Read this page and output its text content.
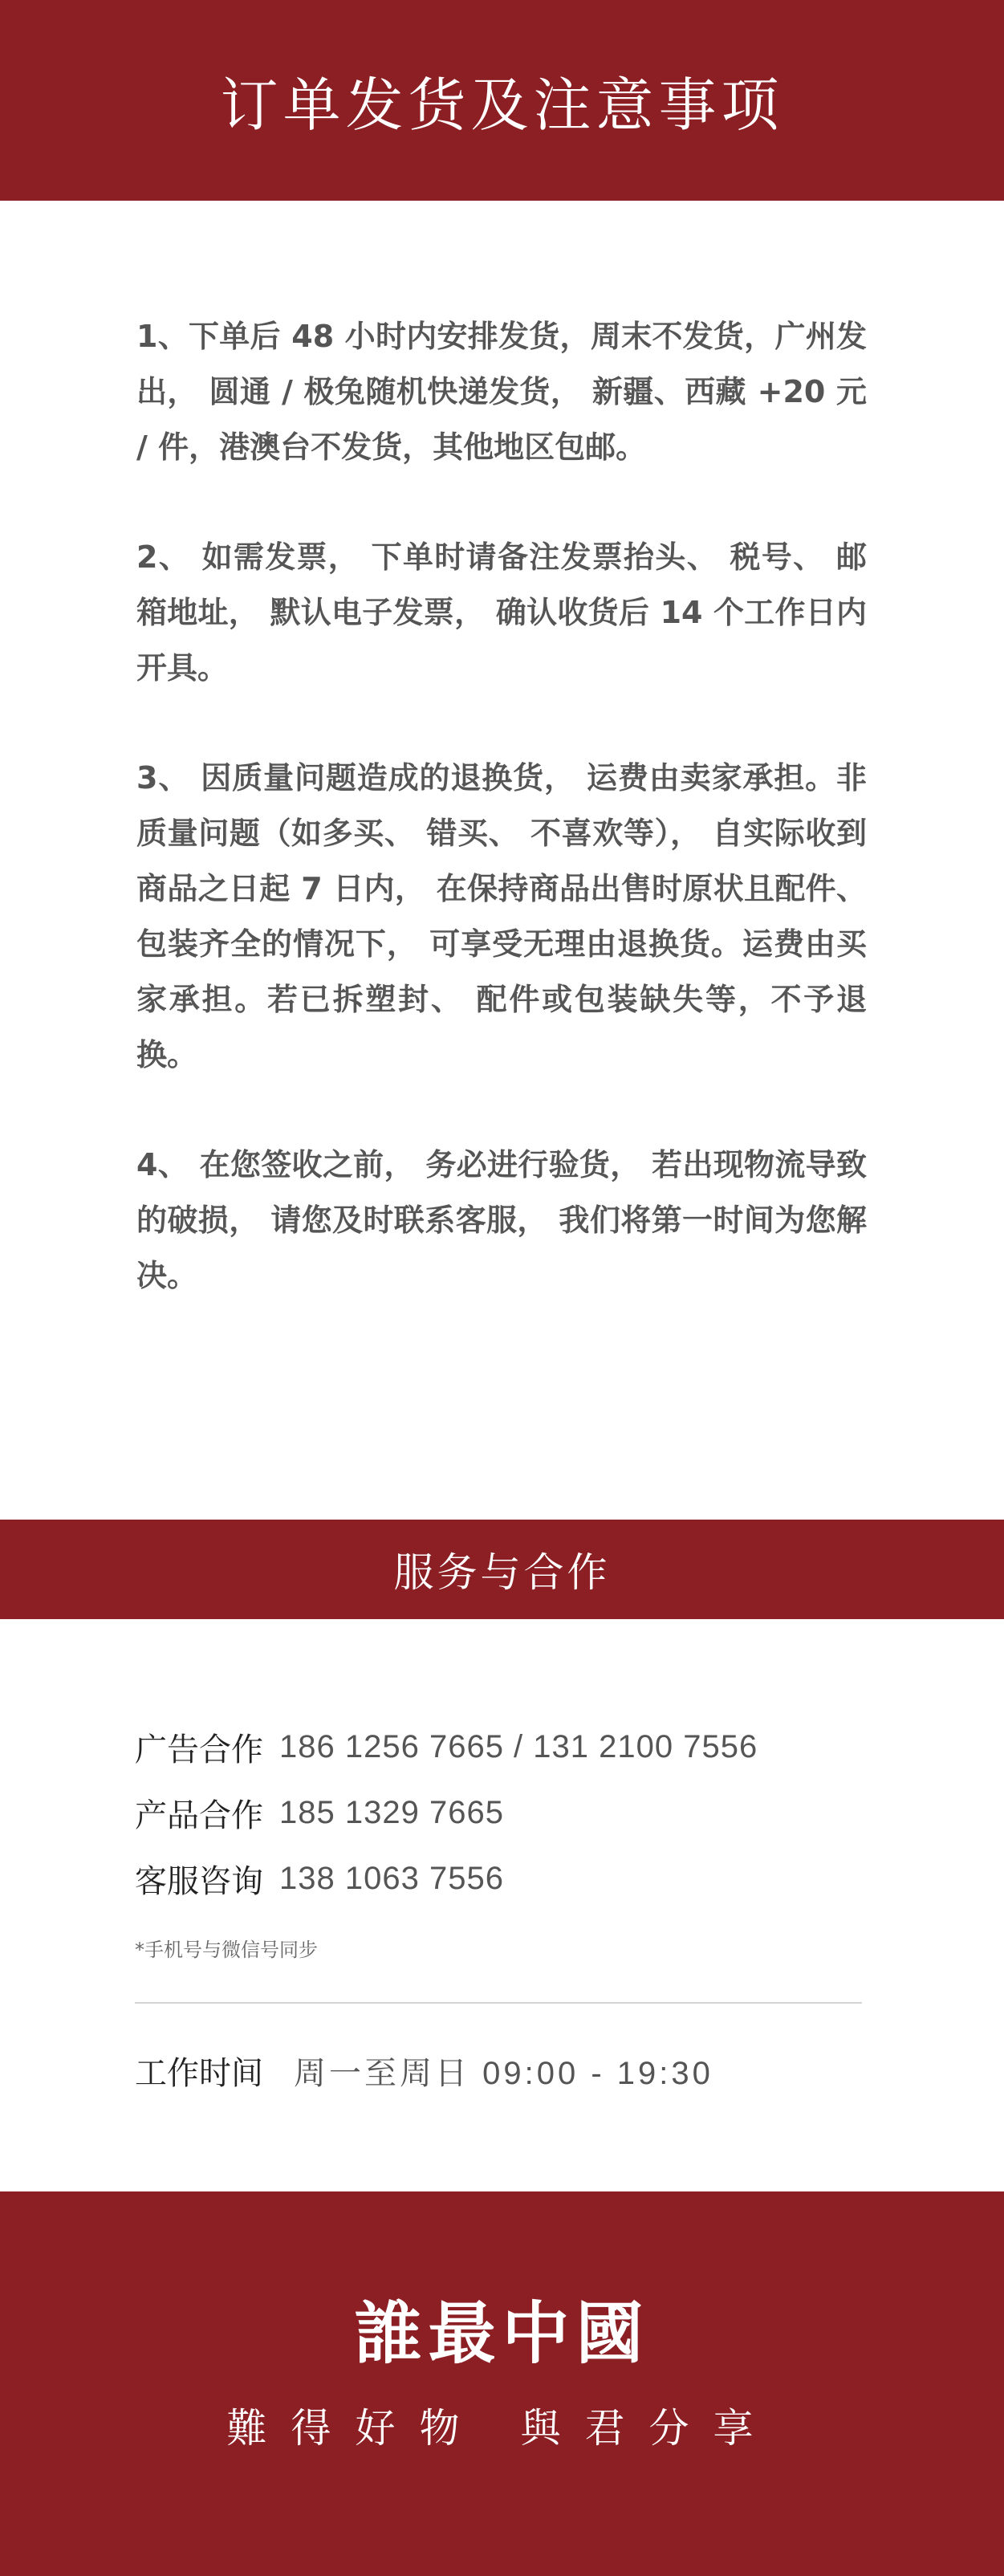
订单发货及注意事项

1、下单后 48 小时内安排发货，周末不发货，广州发出， 圆通 / 极兔随机快递发货， 新疆、西藏 +20 元 / 件，港澳台不发货，其他地区包邮。

2、 如需发票， 下单时请备注发票抬头、 税号、 邮箱地址， 默认电子发票， 确认收货后 14 个工作日内开具。

3、 因质量问题造成的退换货， 运费由卖家承担。非质量问题（如多买、 错买、 不喜欢等）， 自实际收到商品之日起 7 日内， 在保持商品出售时原状且配件、 包装齐全的情况下， 可享受无理由退换货。运费由买家承担。若已拆塑封、 配件或包装缺失等，不予退换。

4、 在您签收之前， 务必进行验货， 若出现物流导致的破损， 请您及时联系客服， 我们将第一时间为您解决。

服务与合作
广告合作 186 1256 7665 / 131 2100 7556
产品合作 185 1329 7665
客服咨询 138 1063 7556
*手机号与微信号同步
工作时间 周一至周日 09:00 - 19:30
誰最中國
難得好物 與君分享
